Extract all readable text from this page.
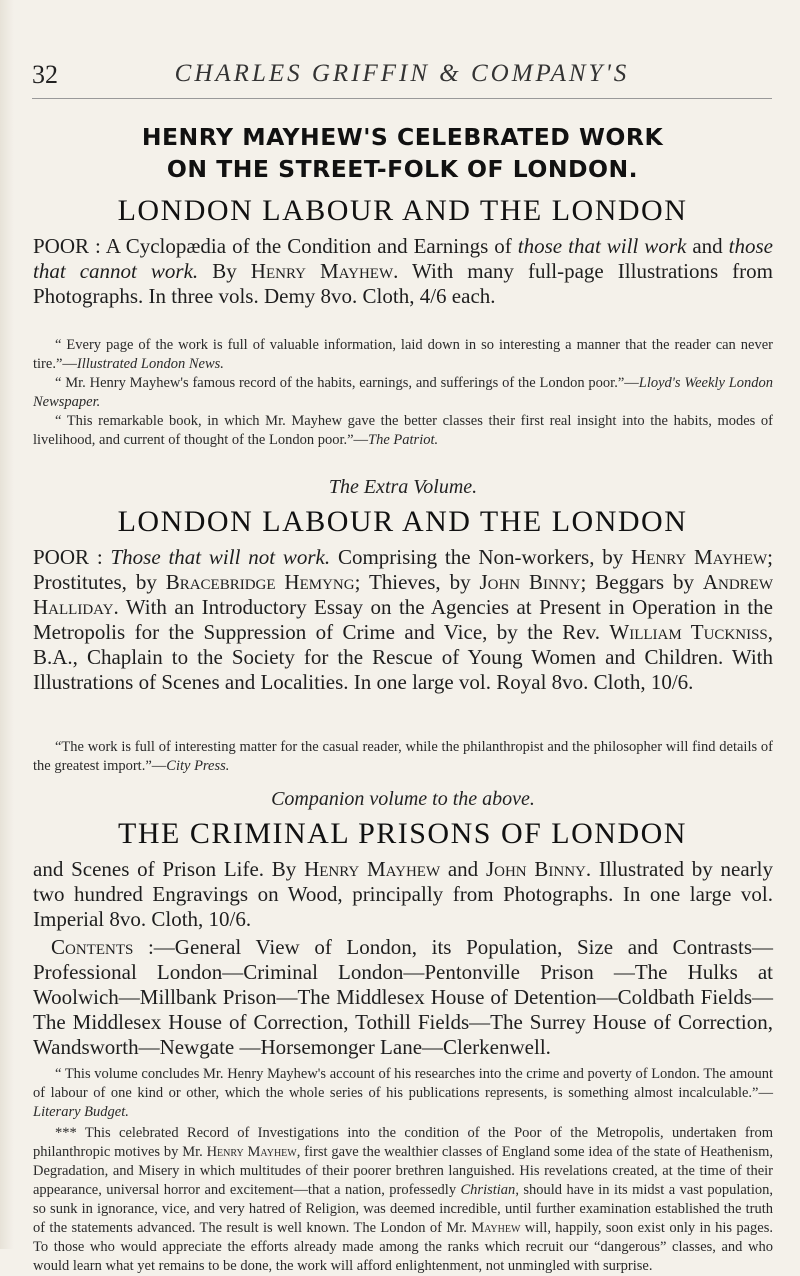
32	CHARLES GRIFFIN & COMPANY'S
HENRY MAYHEW'S CELEBRATED WORK
ON THE STREET-FOLK OF LONDON.
LONDON LABOUR AND THE LONDON
POOR : A Cyclopædia of the Condition and Earnings of those that will work and those that cannot work. By Henry Mayhew. With many full-page Illustrations from Photographs. In three vols. Demy 8vo. Cloth, 4/6 each.

“ Every page of the work is full of valuable information, laid down in so interesting a manner that the reader can never tire.”—Illustrated London News.

“ Mr. Henry Mayhew's famous record of the habits, earnings, and sufferings of the London poor.”—Lloyd's Weekly London Newspaper.

“ This remarkable book, in which Mr. Mayhew gave the better classes their first real insight into the habits, modes of livelihood, and current of thought of the London poor.”—The Patriot.

The Extra Volume.
LONDON LABOUR AND THE LONDON
POOR : Those that will not work. Comprising the Non-workers, by Henry Mayhew; Prostitutes, by Bracebridge Hemyng; Thieves, by John Binny; Beggars by Andrew Halliday. With an Introductory Essay on the Agencies at Present in Operation in the Metropolis for the Suppression of Crime and Vice, by the Rev. William Tuckniss, B.A., Chaplain to the Society for the Rescue of Young Women and Children. With Illustrations of Scenes and Localities. In one large vol. Royal 8vo. Cloth, 10/6.

“The work is full of interesting matter for the casual reader, while the philanthropist and the philosopher will find details of the greatest import.”—City Press.

Companion volume to the above.
THE CRIMINAL PRISONS OF LONDON
and Scenes of Prison Life. By Henry Mayhew and John Binny. Illustrated by nearly two hundred Engravings on Wood, principally from Photographs. In one large vol. Imperial 8vo. Cloth, 10/6.
Contents :—General View of London, its Population, Size and Contrasts—Professional London—Criminal London—Pentonville Prison —The Hulks at Woolwich—Millbank Prison—The Middlesex House of Detention—Coldbath Fields—The Middlesex House of Correction, Tothill Fields—The Surrey House of Correction, Wandsworth—Newgate —Horsemonger Lane—Clerkenwell.

“ This volume concludes Mr. Henry Mayhew's account of his researches into the crime and poverty of London. The amount of labour of one kind or other, which the whole series of his publications represents, is something almost incalculable.”—Literary Budget.

*** This celebrated Record of Investigations into the condition of the Poor of the Metropolis, undertaken from philanthropic motives by Mr. Henry Mayhew, first gave the wealthier classes of England some idea of the state of Heathenism, Degradation, and Misery in which multitudes of their poorer brethren languished. His revelations created, at the time of their appearance, universal horror and excitement—that a nation, professedly Christian, should have in its midst a vast population, so sunk in ignorance, vice, and very hatred of Religion, was deemed incredible, until further examination established the truth of the statements advanced. The result is well known. The London of Mr. Mayhew will, happily, soon exist only in his pages. To those who would appreciate the efforts already made among the ranks which recruit our “dangerous” classes, and who would learn what yet remains to be done, the work will afford enlightenment, not unmingled with surprise.
